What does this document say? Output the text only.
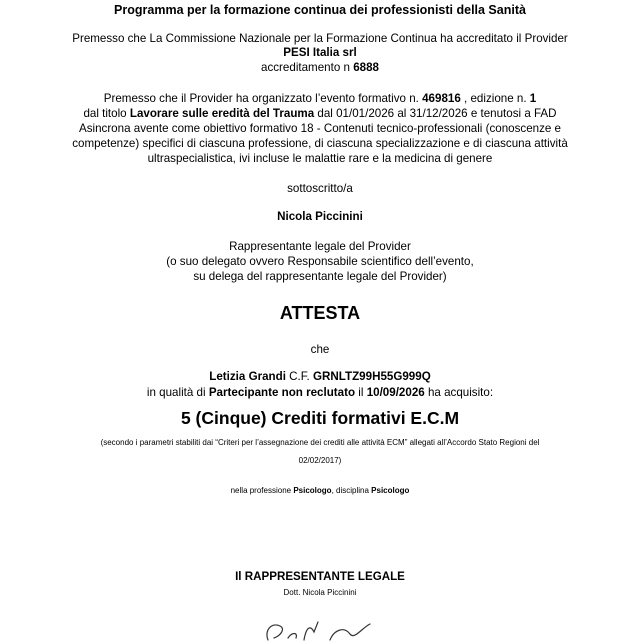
Programma per la formazione continua dei professionisti della Sanità
Premesso che La Commissione Nazionale per la Formazione Continua ha accreditato il Provider
PESI Italia srl
accreditamento n 6888
Premesso che il Provider ha organizzato l’evento formativo n. 469816 , edizione n. 1
dal titolo Lavorare sulle eredità del Trauma dal 01/01/2026 al 31/12/2026 e tenutosi a FAD
Asincrona avente come obiettivo formativo 18 - Contenuti tecnico-professionali (conoscenze e
competenze) specifici di ciascuna professione, di ciascuna specializzazione e di ciascuna attività
ultraspecialistica, ivi incluse le malattie rare e la medicina di genere
sottoscritto/a
Nicola Piccinini
Rappresentante legale del Provider
(o suo delegato ovvero Responsabile scientifico dell’evento,
su delega del rappresentante legale del Provider)
ATTESTA
che
Letizia Grandi C.F. GRNLTZ99H55G999Q
in qualità di Partecipante non reclutato il 10/09/2026 ha acquisito:
5 (Cinque) Crediti formativi E.C.M
(secondo i parametri stabiliti dai “Criteri per l’assegnazione dei crediti alle attività ECM” allegati all’Accordo Stato Regioni del
02/02/2017)
nella professione Psicologo, disciplina Psicologo
Il RAPPRESENTANTE LEGALE
Dott. Nicola Piccinini
